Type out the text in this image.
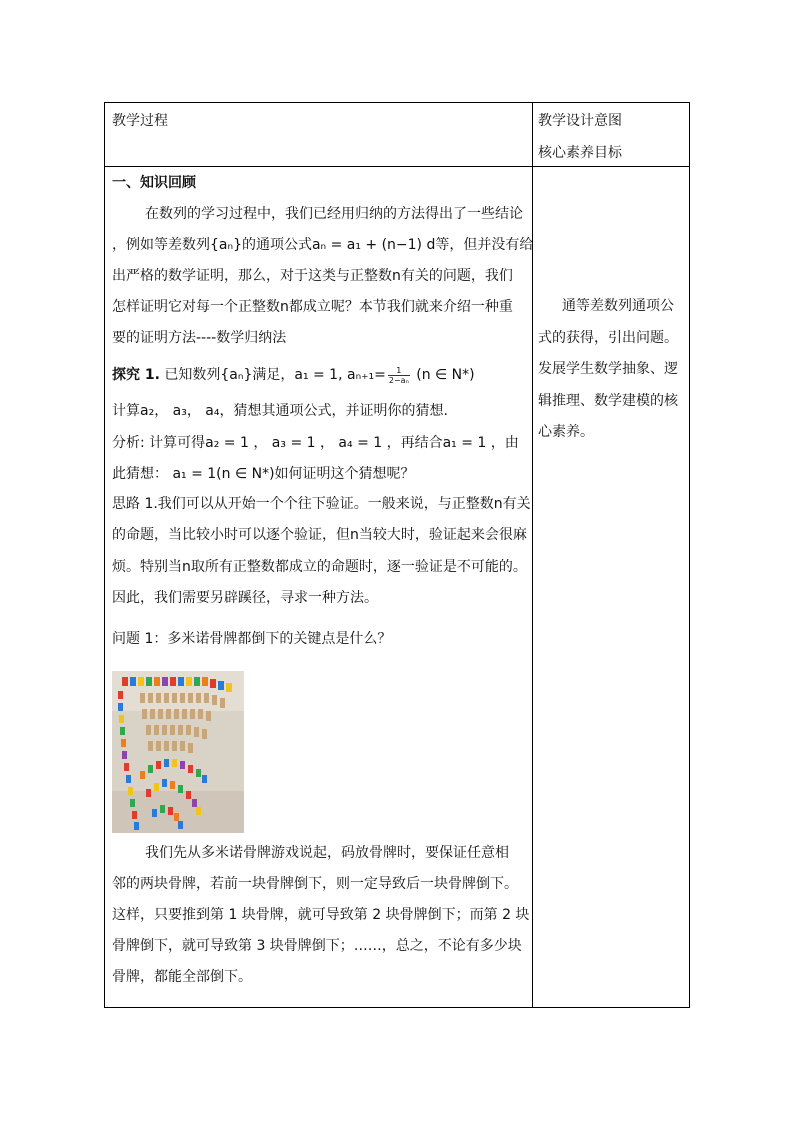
教学过程	教学设计意图
核心素养目标
一、知识回顾
在数列的学习过程中，我们已经用归纳的方法得出了一些结论
，例如等差数列{aₙ}的通项公式aₙ = a₁ + (n−1) d等，但并没有给
出严格的数学证明，那么，对于这类与正整数n有关的问题，我们
怎样证明它对每一个正整数n都成立呢？本节我们就来介绍一种重
要的证明方法----数学归纳法
探究 1. 已知数列{aₙ}满足，a₁ = 1, $a_{n+1}= \frac{1}{\text{2−aₙ}} (n$ ∈ N*)
计算a₂， a₃， a₄，猜想其通项公式，并证明你的猜想.
分析: 计算可得a₂ = 1 ， a₃ = 1 ， a₄ = 1 ，再结合a₁ = 1 ，由
此猜想： a₁ = 1(n ∈ N*)如何证明这个猜想呢？
思路 1.我们可以从开始一个个往下验证。一般来说，与正整数n有关
的命题，当比较小时可以逐个验证，但n当较大时，验证起来会很麻
烦。特别当n取所有正整数都成立的命题时，逐一验证是不可能的。
因此，我们需要另辟蹊径，寻求一种方法。
问题 1：多米诺骨牌都倒下的关键点是什么？
我们先从多米诺骨牌游戏说起，码放骨牌时，要保证任意相
邻的两块骨牌，若前一块骨牌倒下，则一定导致后一块骨牌倒下。
这样，只要推到第 1 块骨牌，就可导致第 2 块骨牌倒下；而第 2 块
骨牌倒下，就可导致第 3 块骨牌倒下；……，总之，不论有多少块
骨牌，都能全部倒下。
通等差数列通项公
式的获得，引出问题。
发展学生数学抽象、逻
辑推理、数学建模的核
心素养。
